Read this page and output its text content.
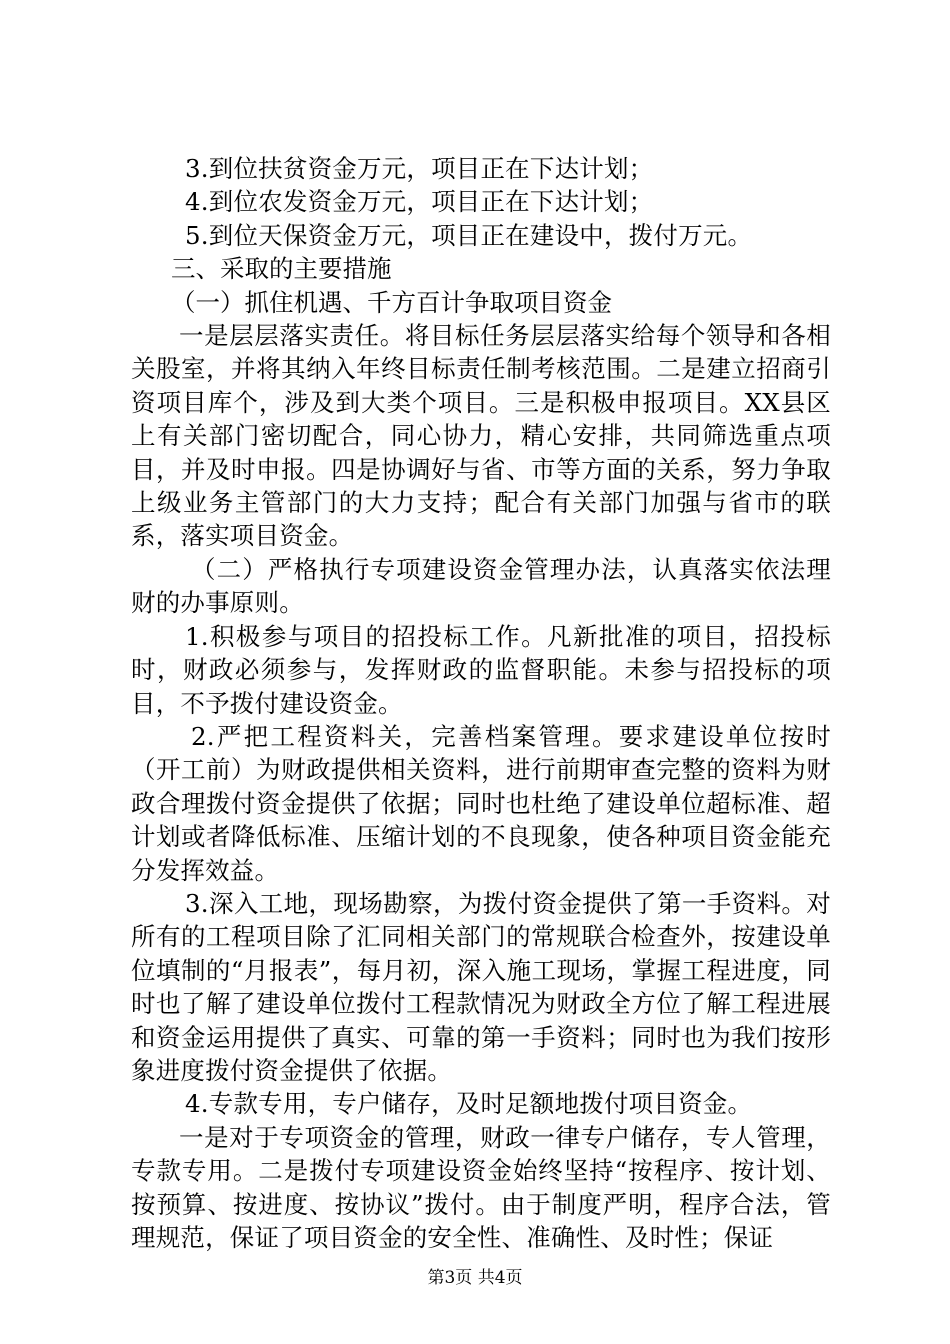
3.到位扶贫资金万元，项目正在下达计划；

4.到位农发资金万元，项目正在下达计划；

5.到位天保资金万元，项目正在建设中，拨付万元。

三、采取的主要措施

（一）抓住机遇、千方百计争取项目资金

一是层层落实责任。将目标任务层层落实给每个领导和各相关股室，并将其纳入年终目标责任制考核范围。二是建立招商引资项目库个，涉及到大类个项目。三是积极申报项目。XX县区上有关部门密切配合，同心协力，精心安排，共同筛选重点项目，并及时申报。四是协调好与省、市等方面的关系，努力争取上级业务主管部门的大力支持；配合有关部门加强与省市的联系，落实项目资金。

（二）严格执行专项建设资金管理办法，认真落实依法理财的办事原则。

1.积极参与项目的招投标工作。凡新批准的项目，招投标时，财政必须参与，发挥财政的监督职能。未参与招投标的项目，不予拨付建设资金。

2.严把工程资料关，完善档案管理。要求建设单位按时（开工前）为财政提供相关资料，进行前期审查完整的资料为财政合理拨付资金提供了依据；同时也杜绝了建设单位超标准、超计划或者降低标准、压缩计划的不良现象，使各种项目资金能充分发挥效益。

3.深入工地，现场勘察，为拨付资金提供了第一手资料。对所有的工程项目除了汇同相关部门的常规联合检查外，按建设单位填制的“月报表”，每月初，深入施工现场，掌握工程进度，同时也了解了建设单位拨付工程款情况为财政全方位了解工程进展和资金运用提供了真实、可靠的第一手资料；同时也为我们按形象进度拨付资金提供了依据。

4.专款专用，专户储存，及时足额地拨付项目资金。

一是对于专项资金的管理，财政一律专户储存，专人管理，专款专用。二是拨付专项建设资金始终坚持“按程序、按计划、按预算、按进度、按协议”拨付。由于制度严明，程序合法，管理规范，保证了项目资金的安全性、准确性、及时性；保证

第3页 共4页
